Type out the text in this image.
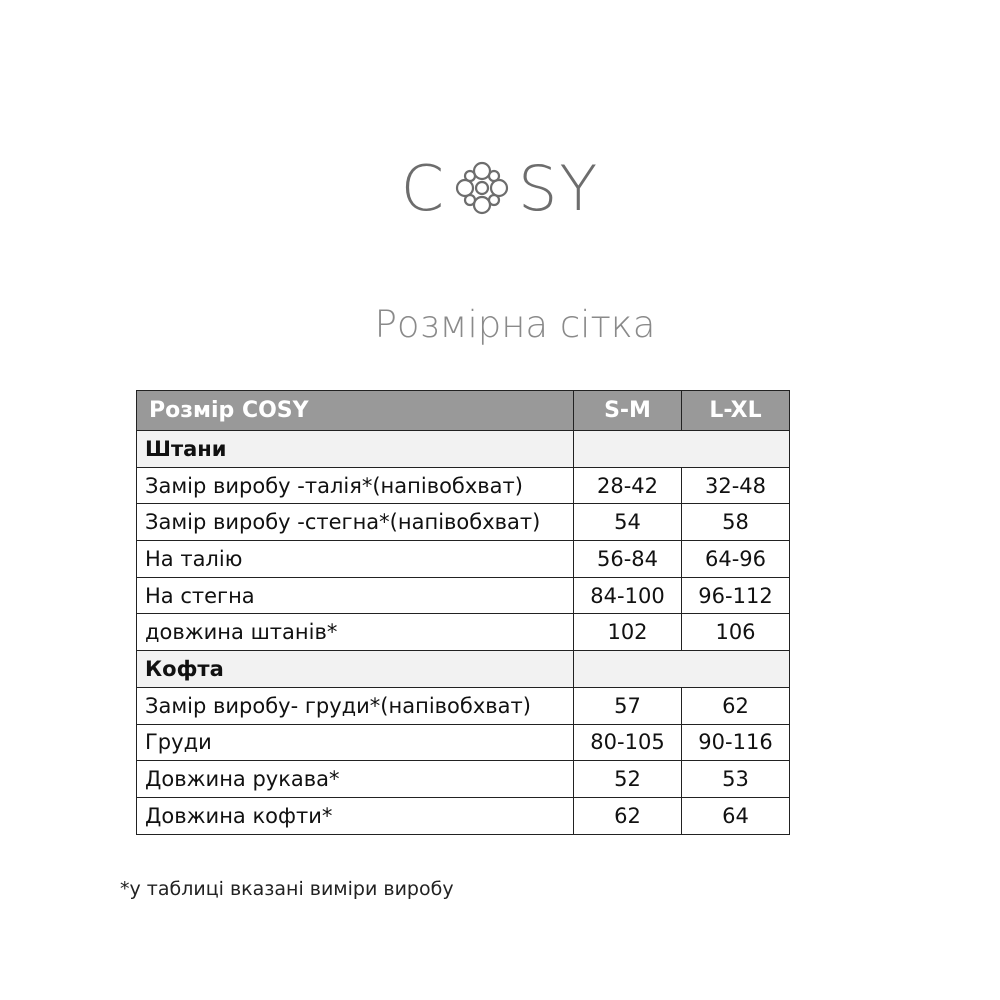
C SY
Розмірна сітка
Розмір COSY	S-M	L-XL
Штани		
Замір виробу -талія*(напівобхват)	28-42	32-48
Замір виробу -стегна*(напівобхват)	54	58
На талію	56-84	64-96
На стегна	84-100	96-112
довжина штанів*	102	106
Кофта		
Замір виробу- груди*(напівобхват)	57	62
Груди	80-105	90-116
Довжина рукава*	52	53
Довжина кофти*	62	64
*у таблиці вказані виміри виробу
